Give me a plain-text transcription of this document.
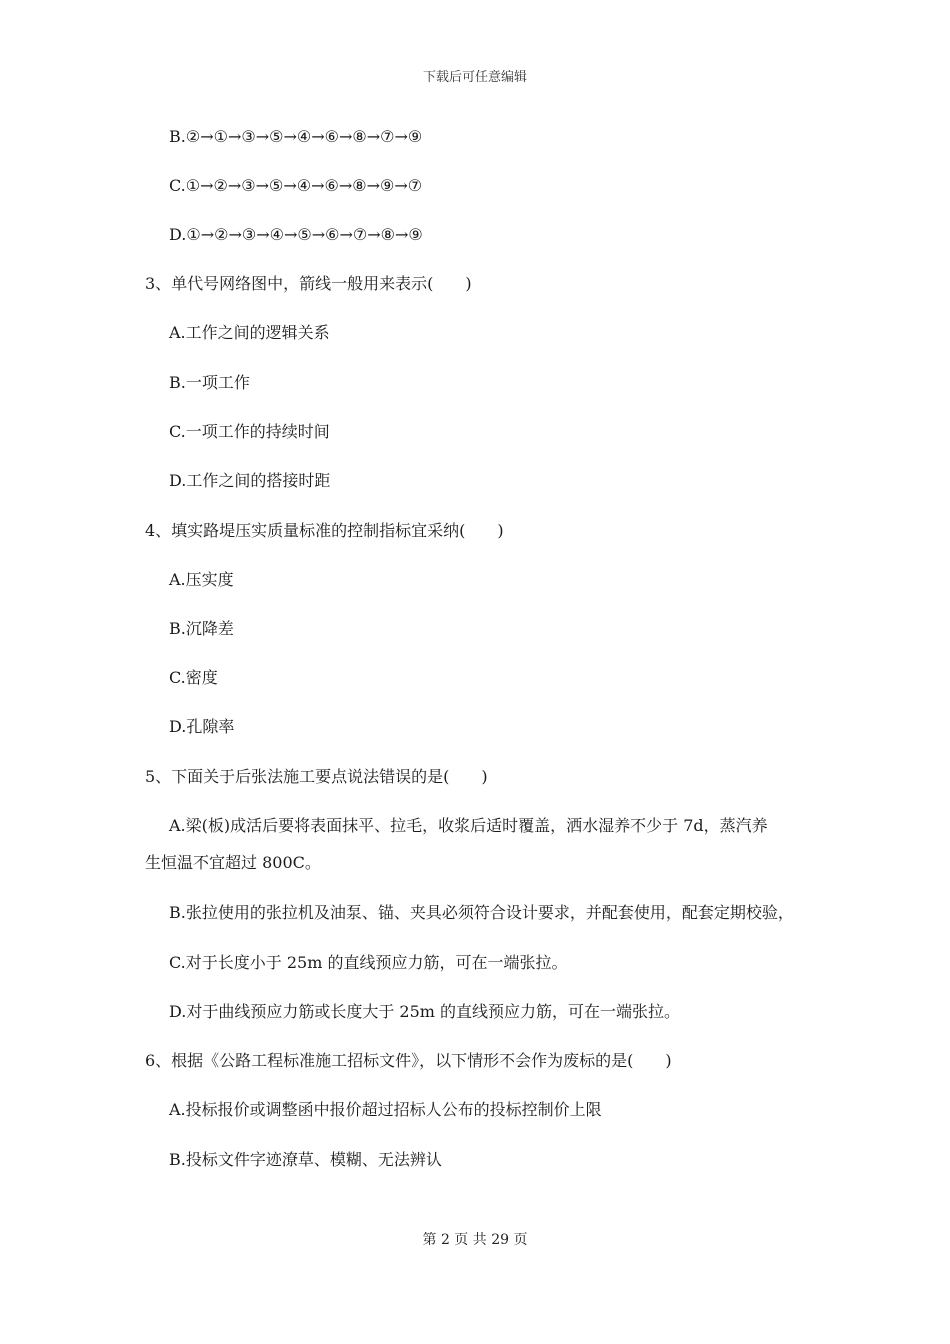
下载后可任意编辑
B.②→①→③→⑤→④→⑥→⑧→⑦→⑨
C.①→②→③→⑤→④→⑥→⑧→⑨→⑦
D.①→②→③→④→⑤→⑥→⑦→⑧→⑨
3、单代号网络图中，箭线一般用来表示(　　)
A.工作之间的逻辑关系
B.一项工作
C.一项工作的持续时间
D.工作之间的搭接时距
4、填实路堤压实质量标准的控制指标宜采纳(　　)
A.压实度
B.沉降差
C.密度
D.孔隙率
5、下面关于后张法施工要点说法错误的是(　　)
A.梁(板)成活后要将表面抹平、拉毛，收浆后适时覆盖，洒水湿养不少于 7d，蒸汽养
生恒温不宜超过 800C。
B.张拉使用的张拉机及油泵、锚、夹具必须符合设计要求，并配套使用，配套定期校验，
C.对于长度小于 25m 的直线预应力筋，可在一端张拉。
D.对于曲线预应力筋或长度大于 25m 的直线预应力筋，可在一端张拉。
6、根据《公路工程标准施工招标文件》，以下情形不会作为废标的是(　　)
A.投标报价或调整函中报价超过招标人公布的投标控制价上限
B.投标文件字迹潦草、模糊、无法辨认
第 2 页 共 29 页
